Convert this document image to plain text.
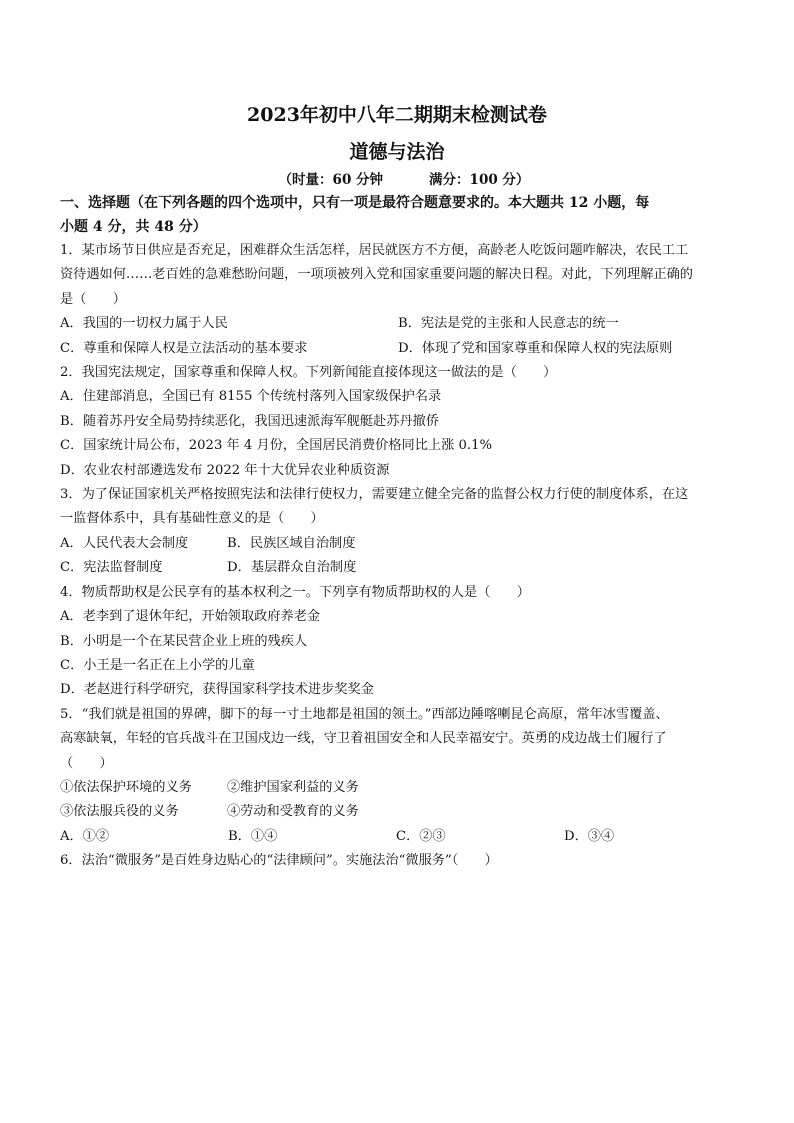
2023年初中八年二期期末检测试卷

道德与法治

（时量：60 分钟	满分：100 分）

一、选择题（在下列各题的四个选项中，只有一项是最符合题意要求的。本大题共 12 小题，每

小题 4 分，共 48 分）

1．某市场节日供应是否充足，困难群众生活怎样，居民就医方不方便，高龄老人吃饭问题咋解决，农民工工

资待遇如何……老百姓的急难愁盼问题，一项项被列入党和国家重要问题的解决日程。对此，下列理解正确的

是（　　）

A．我国的一切权力属于人民	B．宪法是党的主张和人民意志的统一
C．尊重和保障人权是立法活动的基本要求	D．体现了党和国家尊重和保障人权的宪法原则

2．我国宪法规定，国家尊重和保障人权。下列新闻能直接体现这一做法的是（　　）

A．住建部消息，全国已有 8155 个传统村落列入国家级保护名录

B．随着苏丹安全局势持续恶化，我国迅速派海军舰艇赴苏丹撤侨

C．国家统计局公布，2023 年 4 月份，全国居民消费价格同比上涨 0.1%

D．农业农村部遴选发布 2022 年十大优异农业种质资源

3．为了保证国家机关严格按照宪法和法律行使权力，需要建立健全完备的监督公权力行使的制度体系，在这

一监督体系中，具有基础性意义的是（　　）

A．人民代表大会制度	B．民族区域自治制度
C．宪法监督制度	D．基层群众自治制度

4．物质帮助权是公民享有的基本权利之一。下列享有物质帮助权的人是（　　）

A．老李到了退休年纪，开始领取政府养老金

B．小明是一个在某民营企业上班的残疾人

C．小王是一名正在上小学的儿童

D．老赵进行科学研究，获得国家科学技术进步奖奖金

5．“我们就是祖国的界碑，脚下的每一寸土地都是祖国的领土。”西部边陲喀喇昆仑高原，常年冰雪覆盖、

高寒缺氧，年轻的官兵战斗在卫国戍边一线，守卫着祖国安全和人民幸福安宁。英勇的戍边战士们履行了

（　　）

①依法保护环境的义务	②维护国家利益的义务
③依法服兵役的义务	④劳动和受教育的义务
A．①②	B．①④	C．②③	D．③④

6．法治“微服务”是百姓身边贴心的“法律顾问”。实施法治“微服务”（　　）
